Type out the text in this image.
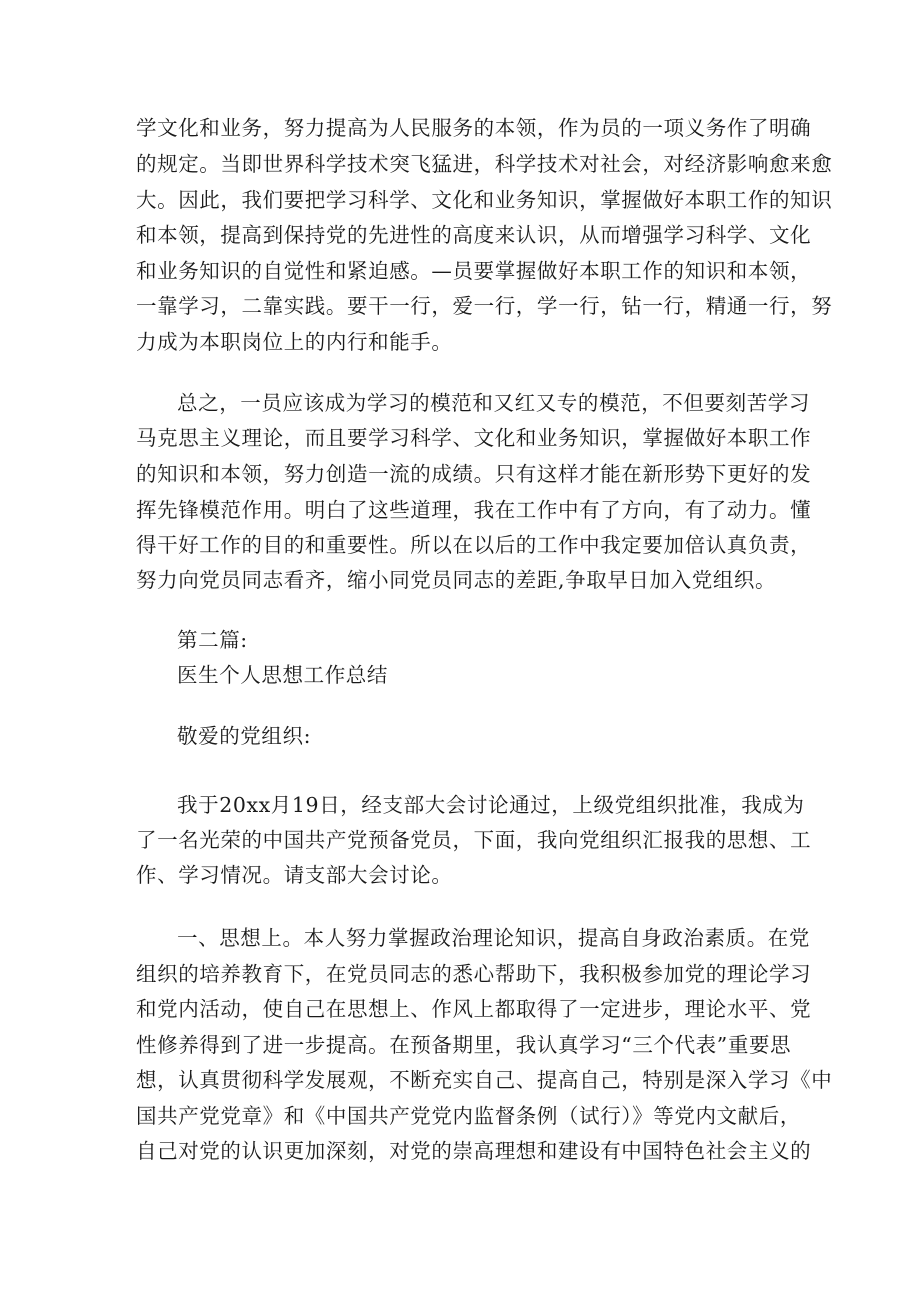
学文化和业务，努力提高为人民服务的本领，作为员的一项义务作了明确
的规定。当即世界科学技术突飞猛进，科学技术对社会，对经济影响愈来愈
大。因此，我们要把学习科学、文化和业务知识，掌握做好本职工作的知识
和本领，提高到保持党的先进性的高度来认识，从而增强学习科学、文化
和业务知识的自觉性和紧迫感。—员要掌握做好本职工作的知识和本领，
一靠学习，二靠实践。要干一行，爱一行，学一行，钻一行，精通一行，努
力成为本职岗位上的内行和能手。
总之，一员应该成为学习的模范和又红又专的模范，不但要刻苦学习
马克思主义理论，而且要学习科学、文化和业务知识，掌握做好本职工作
的知识和本领，努力创造一流的成绩。只有这样才能在新形势下更好的发
挥先锋模范作用。明白了这些道理，我在工作中有了方向，有了动力。懂
得干好工作的目的和重要性。所以在以后的工作中我定要加倍认真负责，
努力向党员同志看齐，缩小同党员同志的差距,争取早日加入党组织。
第二篇:
医生个人思想工作总结
敬爱的党组织:
我于20xx月19日，经支部大会讨论通过，上级党组织批准，我成为
了一名光荣的中国共产党预备党员，下面，我向党组织汇报我的思想、工
作、学习情况。请支部大会讨论。
一、思想上。本人努力掌握政治理论知识，提高自身政治素质。在党
组织的培养教育下，在党员同志的悉心帮助下，我积极参加党的理论学习
和党内活动，使自己在思想上、作风上都取得了一定进步，理论水平、党
性修养得到了进一步提高。在预备期里，我认真学习“三个代表”重要思
想，认真贯彻科学发展观，不断充实自己、提高自己，特别是深入学习《中
国共产党党章》和《中国共产党党内监督条例（试行）》等党内文献后，
自己对党的认识更加深刻，对党的崇高理想和建设有中国特色社会主义的
